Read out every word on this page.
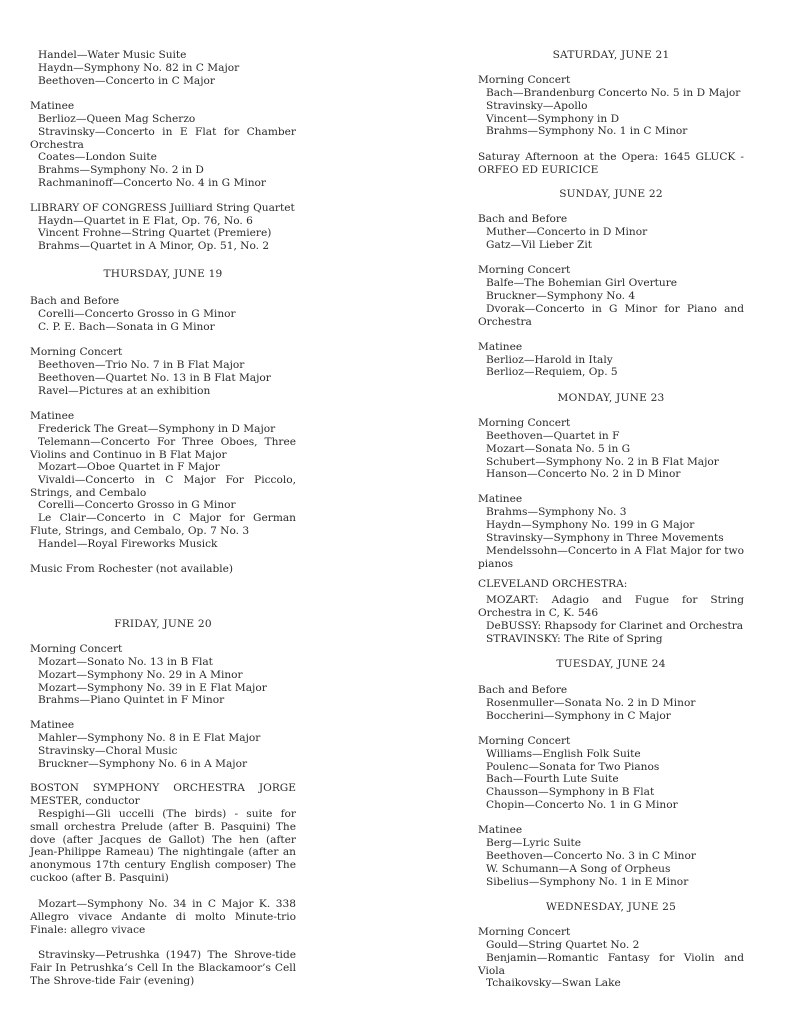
Handel—Water Music Suite
Haydn—Symphony No. 82 in C Major
Beethoven—Concerto in C Major
Matinee
Berlioz—Queen Mag Scherzo
Stravinsky—Concerto in E Flat for Chamber Orchestra
Coates—London Suite
Brahms—Symphony No. 2 in D
Rachmaninoff—Concerto No. 4 in G Minor
LIBRARY OF CONGRESS Juilliard String Quartet
Haydn—Quartet in E Flat, Op. 76, No. 6
Vincent Frohne—String Quartet (Premiere)
Brahms—Quartet in A Minor, Op. 51, No. 2
THURSDAY, JUNE 19
Bach and Before
Corelli—Concerto Grosso in G Minor
C. P. E. Bach—Sonata in G Minor
Morning Concert
Beethoven—Trio No. 7 in B Flat Major
Beethoven—Quartet No. 13 in B Flat Major
Ravel—Pictures at an exhibition
Matinee
Frederick The Great—Symphony in D Major
Telemann—Concerto For Three Oboes, Three Violins and Continuo in B Flat Major
Mozart—Oboe Quartet in F Major
Vivaldi—Concerto in C Major For Piccolo, Strings, and Cembalo
Corelli—Concerto Grosso in G Minor
Le Clair—Concerto in C Major for German Flute, Strings, and Cembalo, Op. 7 No. 3
Handel—Royal Fireworks Musick
Music From Rochester (not available)
FRIDAY, JUNE 20
Morning Concert
Mozart—Sonato No. 13 in B Flat
Mozart—Symphony No. 29 in A Minor
Mozart—Symphony No. 39 in E Flat Major
Brahms—Piano Quintet in F Minor
Matinee
Mahler—Symphony No. 8 in E Flat Major
Stravinsky—Choral Music
Bruckner—Symphony No. 6 in A Major
BOSTON SYMPHONY ORCHESTRA JORGE MESTER, conductor
Respighi—Gli uccelli (The birds) - suite for small orchestra Prelude (after B. Pasquini) The dove (after Jacques de Gallot) The hen (after Jean-Philippe Rameau) The nightingale (after an anonymous 17th century English composer) The cuckoo (after B. Pasquini)
Mozart—Symphony No. 34 in C Major K. 338 Allegro vivace Andante di molto Minute-trio Finale: allegro vivace
Stravinsky—Petrushka (1947) The Shrove-tide Fair In Petrushka’s Cell In the Blackamoor’s Cell The Shrove-tide Fair (evening)
SATURDAY, JUNE 21
Morning Concert
Bach—Brandenburg Concerto No. 5 in D Major
Stravinsky—Apollo
Vincent—Symphony in D
Brahms—Symphony No. 1 in C Minor
Saturay Afternoon at the Opera: 1645 GLUCK - ORFEO ED EURICICE
SUNDAY, JUNE 22
Bach and Before
Muther—Concerto in D Minor
Gatz—Vil Lieber Zit
Morning Concert
Balfe—The Bohemian Girl Overture
Bruckner—Symphony No. 4
Dvorak—Concerto in G Minor for Piano and Orchestra
Matinee
Berlioz—Harold in Italy
Berlioz—Requiem, Op. 5
MONDAY, JUNE 23
Morning Concert
Beethoven—Quartet in F
Mozart—Sonata No. 5 in G
Schubert—Symphony No. 2 in B Flat Major
Hanson—Concerto No. 2 in D Minor
Matinee
Brahms—Symphony No. 3
Haydn—Symphony No. 199 in G Major
Stravinsky—Symphony in Three Movements
Mendelssohn—Concerto in A Flat Major for two pianos
CLEVELAND ORCHESTRA:
MOZART: Adagio and Fugue for String Orchestra in C, K. 546
DeBUSSY: Rhapsody for Clarinet and Orchestra
STRAVINSKY: The Rite of Spring
TUESDAY, JUNE 24
Bach and Before
Rosenmuller—Sonata No. 2 in D Minor
Boccherini—Symphony in C Major
Morning Concert
Williams—English Folk Suite
Poulenc—Sonata for Two Pianos
Bach—Fourth Lute Suite
Chausson—Symphony in B Flat
Chopin—Concerto No. 1 in G Minor
Matinee
Berg—Lyric Suite
Beethoven—Concerto No. 3 in C Minor
W. Schumann—A Song of Orpheus
Sibelius—Symphony No. 1 in E Minor
WEDNESDAY, JUNE 25
Morning Concert
Gould—String Quartet No. 2
Benjamin—Romantic Fantasy for Violin and Viola
Tchaikovsky—Swan Lake
